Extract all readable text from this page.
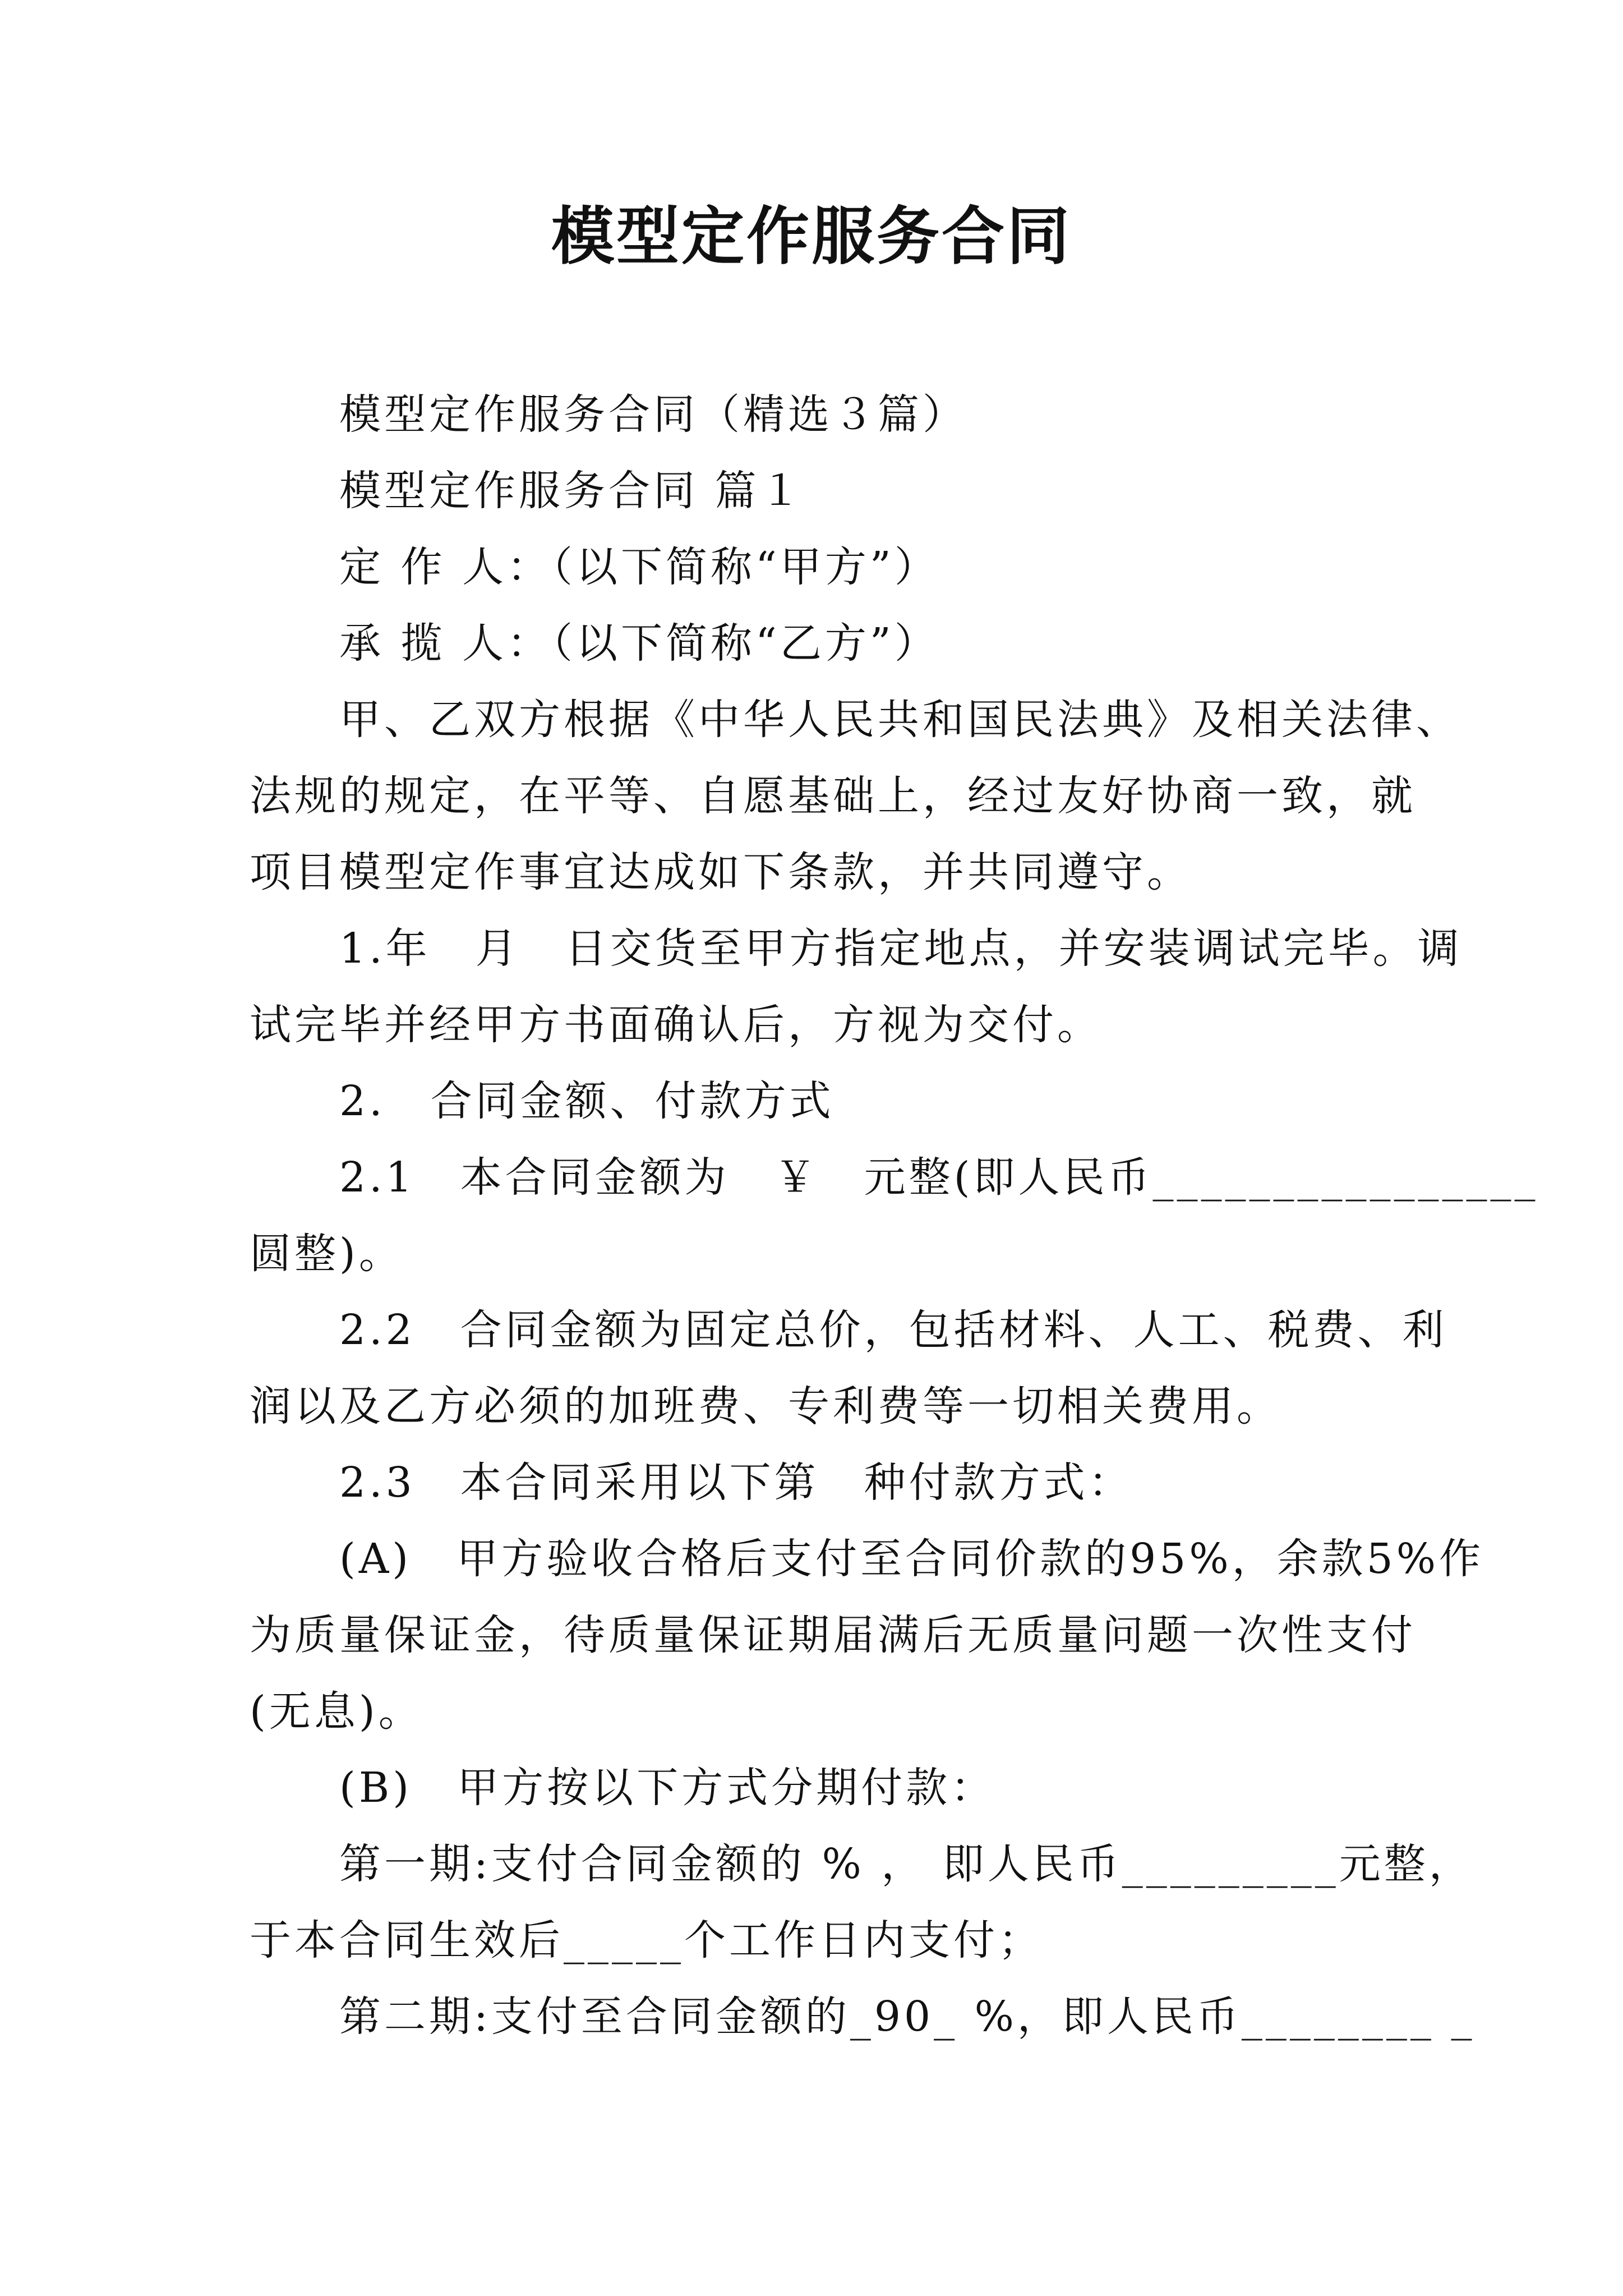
模型定作服务合同
模型定作服务合同（精选３篇）
模型定作服务合同 篇１
定 作 人：（以下简称“甲方”）
承 揽 人：（以下简称“乙方”）
甲、乙双方根据《中华人民共和国民法典》及相关法律、
法规的规定，在平等、自愿基础上，经过友好协商一致，就
项目模型定作事宜达成如下条款，并共同遵守。
1.年　月　日交货至甲方指定地点，并安装调试完毕。调
试完毕并经甲方书面确认后，方视为交付。
2.　合同金额、付款方式
2.1　本合同金额为　￥　元整(即人民币________________
圆整)。
2.2　合同金额为固定总价，包括材料、人工、税费、利
润以及乙方必须的加班费、专利费等一切相关费用。
2.3　本合同采用以下第　种付款方式：
(A)　甲方验收合格后支付至合同价款的95%，余款5%作
为质量保证金，待质量保证期届满后无质量问题一次性支付
(无息)。
(B)　甲方按以下方式分期付款：
第一期:支付合同金额的 % ， 即人民币_________元整，
于本合同生效后_____个工作日内支付；
第二期:支付至合同金额的_90_ %，即人民币________ _
